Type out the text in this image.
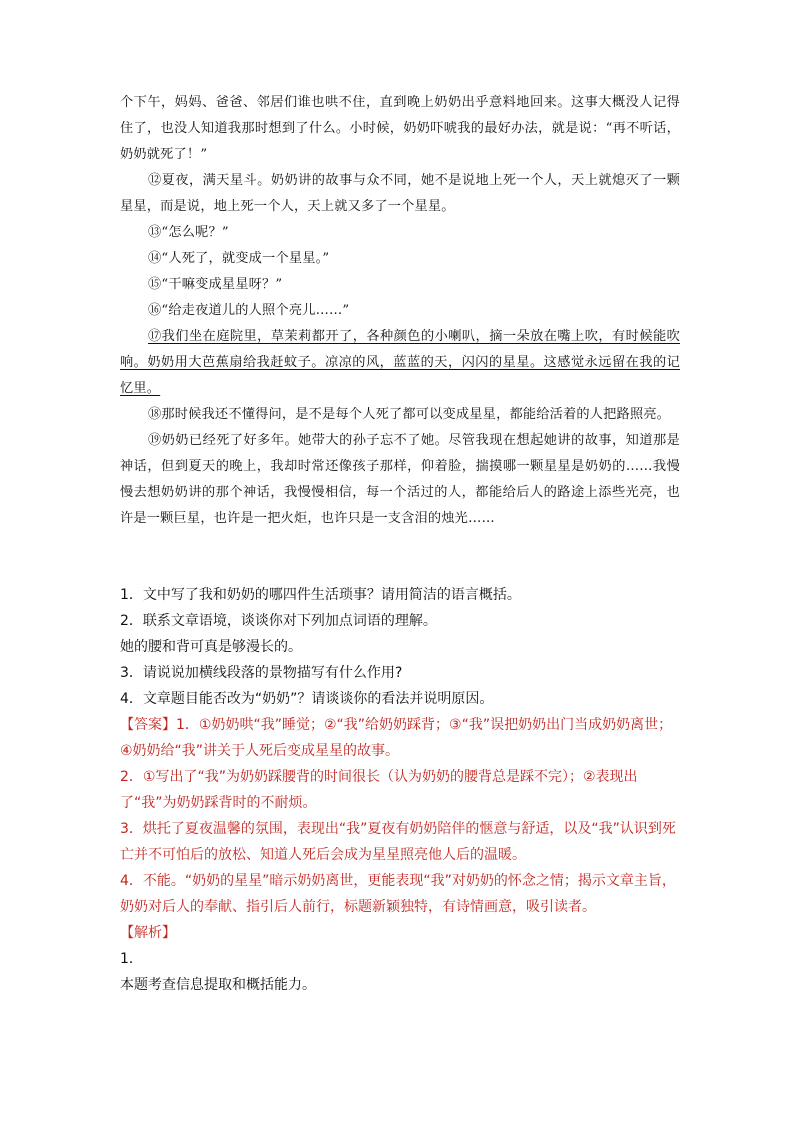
个下午，妈妈、爸爸、邻居们谁也哄不住，直到晚上奶奶出乎意料地回来。这事大概没人记得住了，也没人知道我那时想到了什么。小时候，奶奶吓唬我的最好办法，就是说：“再不听话，奶奶就死了！”

⑫夏夜，满天星斗。奶奶讲的故事与众不同，她不是说地上死一个人，天上就熄灭了一颗星星，而是说，地上死一个人，天上就又多了一个星星。

⑬“怎么呢？”

⑭“人死了，就变成一个星星。”

⑮“干嘛变成星星呀？”

⑯“给走夜道儿的人照个亮儿……”

⑰我们坐在庭院里，草茉莉都开了，各种颜色的小喇叭，摘一朵放在嘴上吹，有时候能吹响。奶奶用大芭蕉扇给我赶蚊子。凉凉的风，蓝蓝的天，闪闪的星星。这感觉永远留在我的记忆里。

⑱那时候我还不懂得问，是不是每个人死了都可以变成星星，都能给活着的人把路照亮。

⑲奶奶已经死了好多年。她带大的孙子忘不了她。尽管我现在想起她讲的故事，知道那是神话，但到夏天的晚上，我却时常还像孩子那样，仰着脸，揣摸哪一颗星星是奶奶的……我慢慢去想奶奶讲的那个神话，我慢慢相信，每一个活过的人，都能给后人的路途上添些光亮，也许是一颗巨星，也许是一把火炬，也许只是一支含泪的烛光……

1．文中写了我和奶奶的哪四件生活琐事？请用简洁的语言概括。

2．联系文章语境，谈谈你对下列加点词语的理解。

她的腰和背可真是够漫长的。

3．请说说加横线段落的景物描写有什么作用?

4．文章题目能否改为“奶奶”？请谈谈你的看法并说明原因。

【答案】1．①奶奶哄“我”睡觉；②“我”给奶奶踩背；③“我”误把奶奶出门当成奶奶离世；④奶奶给“我”讲关于人死后变成星星的故事。

2．①写出了“我”为奶奶踩腰背的时间很长（认为奶奶的腰背总是踩不完）；②表现出了“我”为奶奶踩背时的不耐烦。

3．烘托了夏夜温馨的氛围，表现出“我”夏夜有奶奶陪伴的惬意与舒适，以及“我”认识到死亡并不可怕后的放松、知道人死后会成为星星照亮他人后的温暖。

4．不能。“奶奶的星星”暗示奶奶离世，更能表现“我”对奶奶的怀念之情；揭示文章主旨，奶奶对后人的奉献、指引后人前行，标题新颖独特，有诗情画意，吸引读者。

【解析】

1．

本题考查信息提取和概括能力。
